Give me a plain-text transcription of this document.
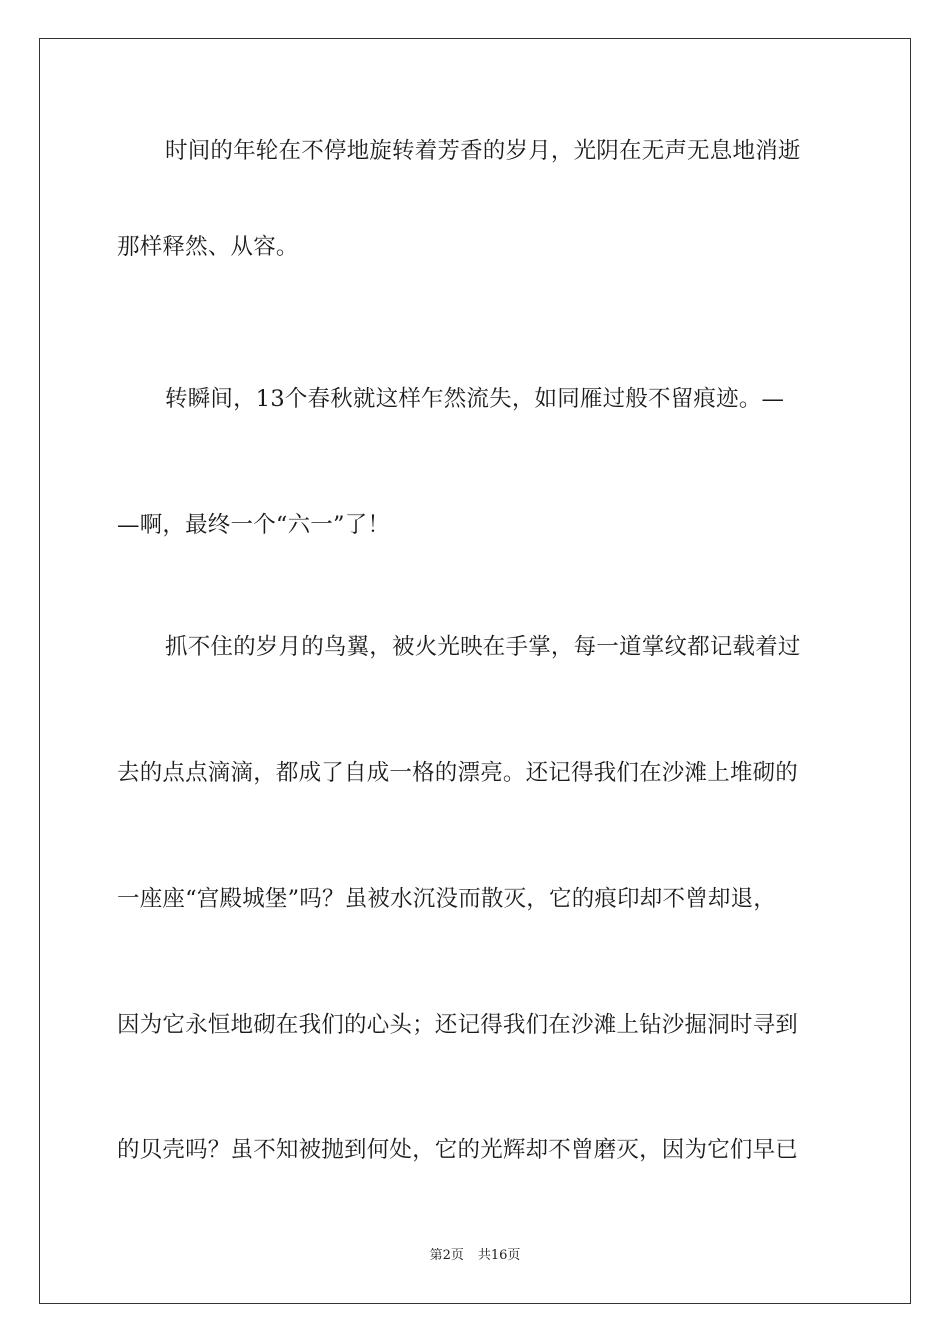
时间的年轮在不停地旋转着芳香的岁月，光阴在无声无息地消逝
那样释然、从容。
转瞬间，13个春秋就这样乍然流失，如同雁过般不留痕迹。—
—啊，最终一个“六一”了！
抓不住的岁月的鸟翼，被火光映在手掌，每一道掌纹都记载着过
去的点点滴滴，都成了自成一格的漂亮。还记得我们在沙滩上堆砌的
一座座“宫殿城堡”吗？虽被水沉没而散灭，它的痕印却不曾却退，
因为它永恒地砌在我们的心头；还记得我们在沙滩上钻沙掘洞时寻到
的贝壳吗？虽不知被抛到何处，它的光辉却不曾磨灭，因为它们早已
第2页 共16页
